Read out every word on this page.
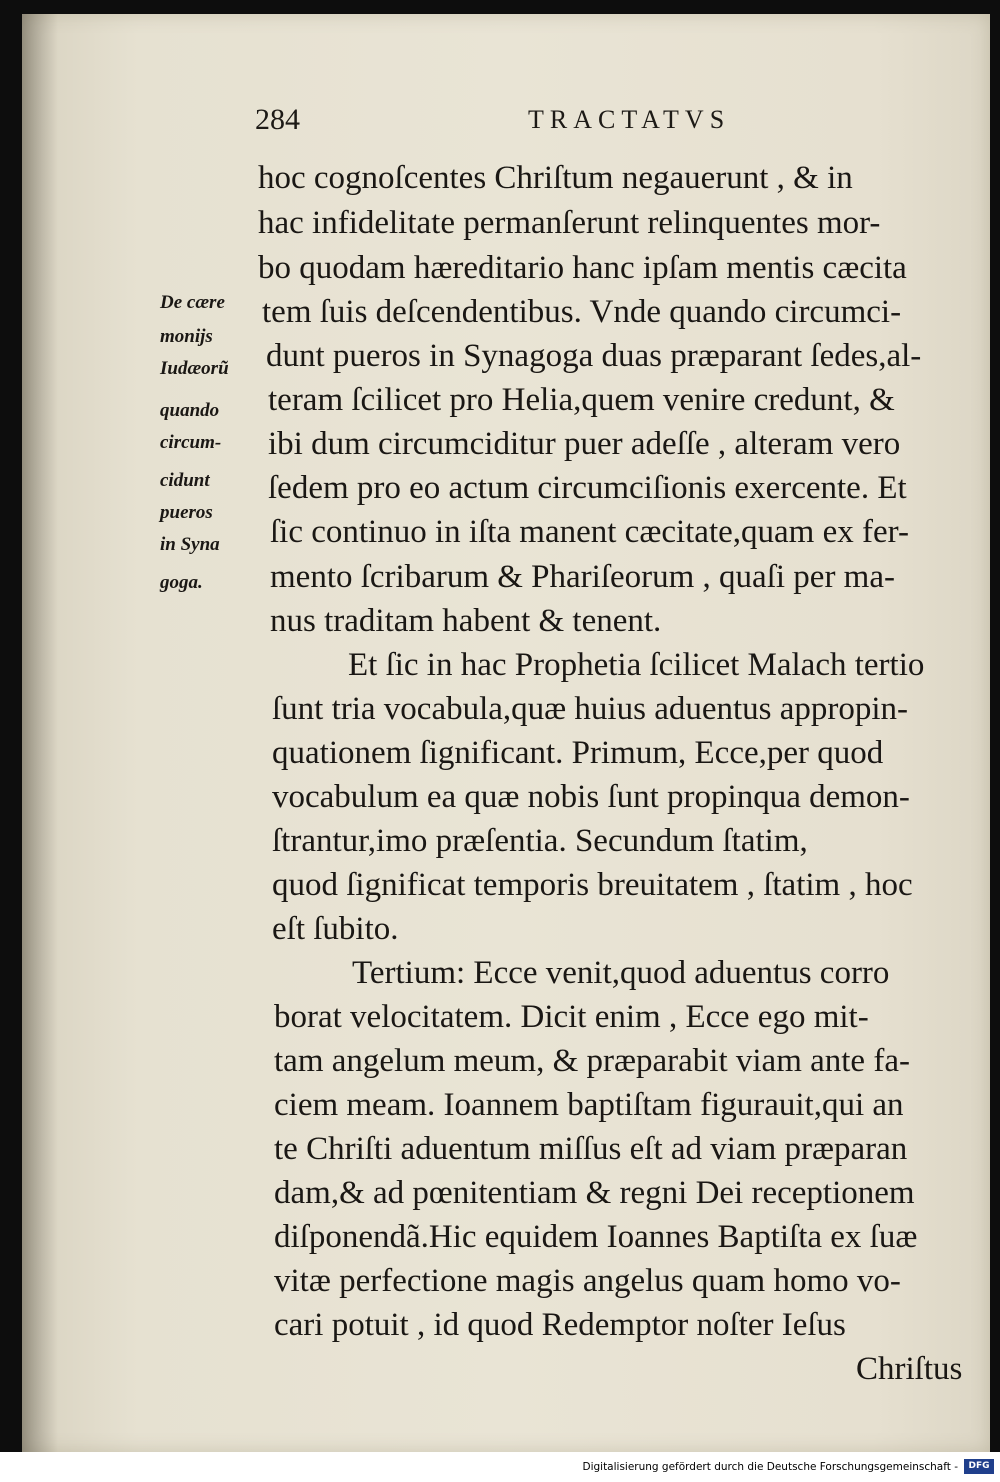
284	TRACTATVS
hoc cognoſcentes Chriſtum negauerunt , & in
hac infidelitate permanſerunt relinquentes mor-
bo quodam hæreditario hanc ipſam mentis cæcita
tem ſuis deſcendentibus. Vnde quando circumci-
dunt pueros in Synagoga duas præparant ſedes,al-
teram ſcilicet pro Helia,quem venire credunt, &
ibi dum circumciditur puer adeſſe , alteram vero
ſedem pro eo actum circumciſionis exercente. Et
ſic continuo in iſta manent cæcitate,quam ex fer-
mento ſcribarum & Phariſeorum , quaſi per ma-
nus traditam habent & tenent.
Et ſic in hac Prophetia ſcilicet Malach tertio
ſunt tria vocabula,quæ huius aduentus appropin-
quationem ſignificant. Primum, Ecce,per quod
vocabulum ea quæ nobis ſunt propinqua demon-
ſtrantur,imo præſentia. Secundum ſtatim,
quod ſignificat temporis breuitatem , ſtatim , hoc
eſt ſubito.
Tertium: Ecce venit,quod aduentus corro
borat velocitatem. Dicit enim , Ecce ego mit-
tam angelum meum, & præparabit viam ante fa-
ciem meam. Ioannem baptiſtam figurauit,qui an
te Chriſti aduentum miſſus eſt ad viam præparan
dam,& ad pœnitentiam & regni Dei receptionem
diſponendã.Hic equidem Ioannes Baptiſta ex ſuæ
vitæ perfectione magis angelus quam homo vo-
cari potuit , id quod Redemptor noſter Ieſus
Chriſtus
De cære
monijs
Iudæorũ
quando
circum-
cidunt
pueros
in Syna
goga.
Digitalisierung gefördert durch die Deutsche Forschungsgemeinschaft -	DFG
